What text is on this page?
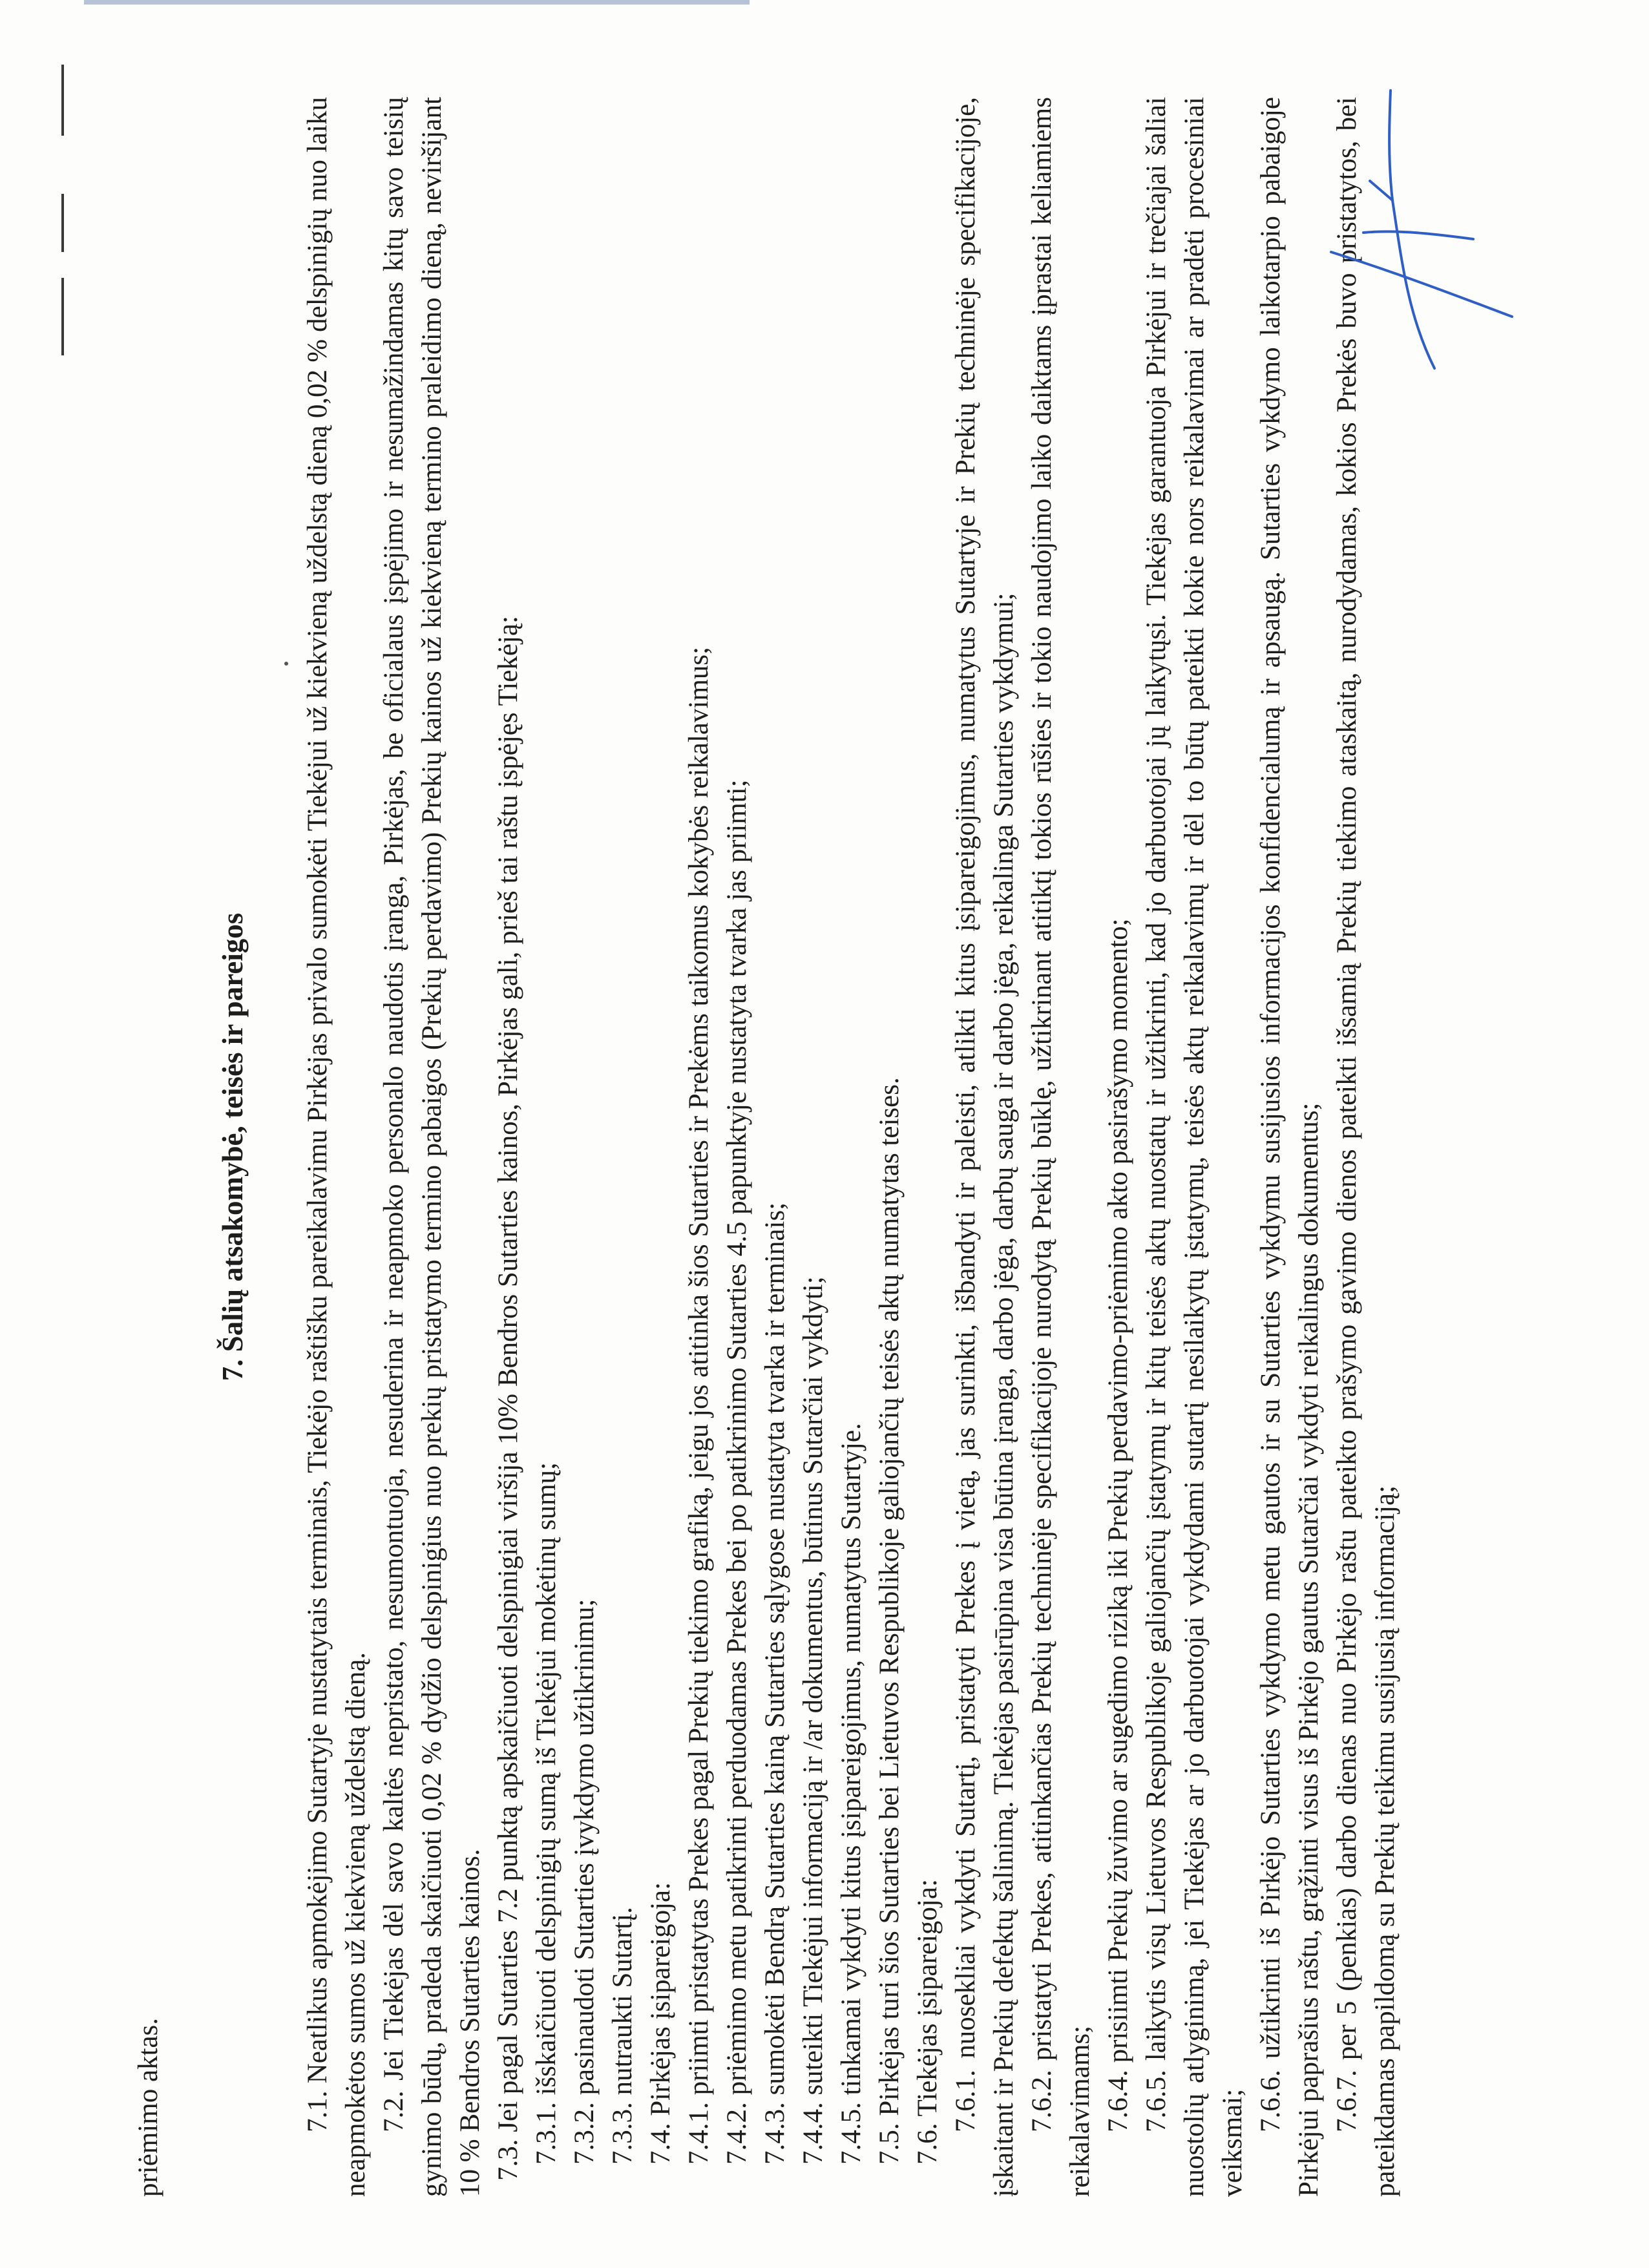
priėmimo aktas.

7. Šalių atsakomybė, teisės ir pareigos

7.1. Neatlikus apmokėjimo Sutartyje nustatytais terminais, Tiekėjo raštišku pareikalavimu Pirkėjas privalo sumokėti Tiekėjui už kiekvieną uždelstą dieną 0,02 % delspinigių nuo laiku neapmokėtos sumos už kiekvieną uždelstą dieną. 7.2. Jei Tiekėjas dėl savo kaltės nepristato, nesumontuoja, nesuderina ir neapmoko personalo naudotis įranga, Pirkėjas, be oficialaus įspėjimo ir nesumažindamas kitų savo teisių gynimo būdų, pradeda skaičiuoti 0,02 % dydžio delspinigius nuo prekių pristatymo termino pabaigos (Prekių perdavimo) Prekių kainos už kiekvieną termino praleidimo dieną, neviršijant 10 % Bendros Sutarties kainos. 7.3. Jei pagal Sutarties 7.2 punktą apskaičiuoti delspinigiai viršija 10% Bendros Sutarties kainos, Pirkėjas gali, prieš tai raštu įspėjęs Tiekėją:

7.3.1. išskaičiuoti delspinigių sumą iš Tiekėjui mokėtinų sumų;

7.3.2. pasinaudoti Sutarties įvykdymo užtikrinimu;

7.3.3. nutraukti Sutartį.

7.4. Pirkėjas įsipareigoja:

7.4.1. priimti pristatytas Prekes pagal Prekių tiekimo grafiką, jeigu jos atitinka šios Sutarties ir Prekėms taikomus kokybės reikalavimus;

7.4.2. priėmimo metu patikrinti perduodamas Prekes bei po patikrinimo Sutarties 4.5 papunktyje nustatyta tvarka jas priimti;

7.4.3. sumokėti Bendrą Sutarties kainą Sutarties sąlygose nustatyta tvarka ir terminais;

7.4.4. suteikti Tiekėjui informaciją ir /ar dokumentus, būtinus Sutarčiai vykdyti;

7.4.5. tinkamai vykdyti kitus įsipareigojimus, numatytus Sutartyje.

7.5. Pirkėjas turi šios Sutarties bei Lietuvos Respublikoje galiojančių teisės aktų numatytas teises.

7.6. Tiekėjas įsipareigoja: 7.6.1. nuosekliai vykdyti Sutartį, pristatyti Prekes į vietą, jas surinkti, išbandyti ir paleisti, atlikti kitus įsipareigojimus, numatytus Sutartyje ir Prekių techninėje specifikacijoje, įskaitant ir Prekių defektų šalinimą. Tiekėjas pasirūpina visa būtina įranga, darbo jėga, darbų sauga ir darbo jėga, reikalinga Sutarties vykdymui; 7.6.2. pristatyti Prekes, atitinkančias Prekių techninėje specifikacijoje nurodytą Prekių būklę, užtikrinant atitiktį tokios rūšies ir tokio naudojimo laiko daiktams įprastai keliamiems reikalavimams; 7.6.4. prisiimti Prekių žuvimo ar sugedimo riziką iki Prekių perdavimo-priėmimo akto pasirašymo momento;

7.6.5. laikytis visų Lietuvos Respublikoje galiojančių įstatymų ir kitų teisės aktų nuostatų ir užtikrinti, kad jo darbuotojai jų laikytųsi. Tiekėjas garantuoja Pirkėjui ir trečiajai šaliai nuostolių atlyginimą, jei Tiekėjas ar jo darbuotojai vykdydami sutartį nesilaikytų įstatymų, teisės aktų reikalavimų ir dėl to būtų pateikti kokie nors reikalavimai ar pradėti procesiniai veiksmai; 7.6.6. užtikrinti iš Pirkėjo Sutarties vykdymo metu gautos ir su Sutarties vykdymu susijusios informacijos konfidencialumą ir apsaugą. Sutarties vykdymo laikotarpio pabaigoje Pirkėjui paprašius raštu, grąžinti visus iš Pirkėjo gautus Sutarčiai vykdyti reikalingus dokumentus; 7.6.7. per 5 (penkias) darbo dienas nuo Pirkėjo raštu pateikto prašymo gavimo dienos pateikti išsamią Prekių tiekimo ataskaitą, nurodydamas, kokios Prekės buvo pristatytos, bei pateikdamas papildomą su Prekių teikimu susijusią informaciją;
